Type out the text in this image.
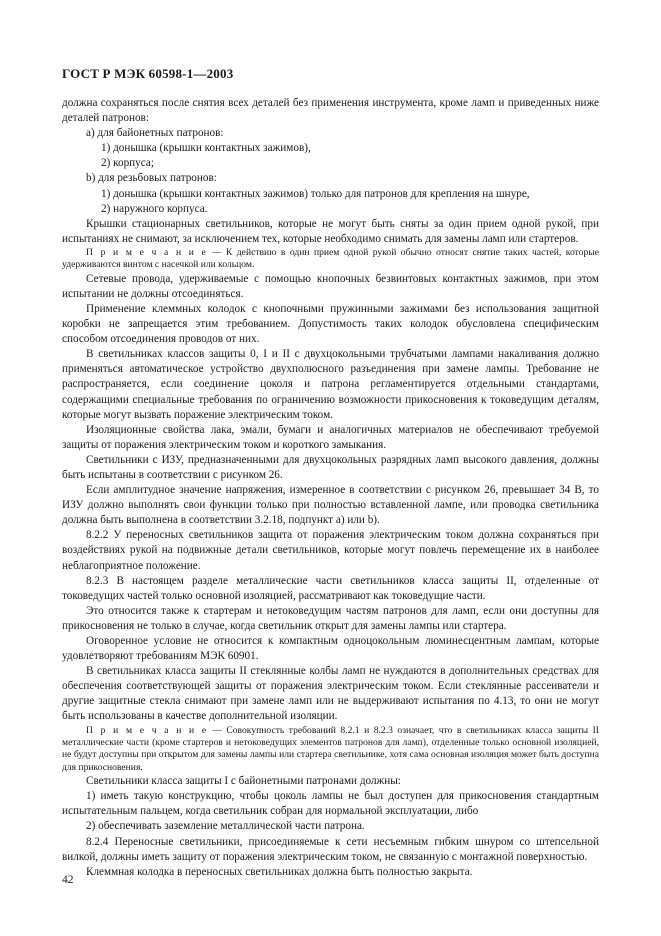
ГОСТ Р МЭК 60598-1—2003

должна сохраняться после снятия всех деталей без применения инструмента, кроме ламп и приведенных ниже деталей патронов:

а) для байонетных патронов:

1) донышка (крышки контактных зажимов),

2) корпуса;

b) для резьбовых патронов:

1) донышка (крышки контактных зажимов) только для патронов для крепления на шнуре,

2) наружного корпуса.

Крышки стационарных светильников, которые не могут быть сняты за один прием одной рукой, при испытаниях не снимают, за исключением тех, которые необходимо снимать для замены ламп или стартеров.

П р и м е ч а н и е — К действию в один прием одной рукой обычно относят снятие таких частей, которые удерживаются винтом с насечкой или кольцом.

Сетевые провода, удерживаемые с помощью кнопочных безвинтовых контактных зажимов, при этом испытании не должны отсоединяться.

Применение клеммных колодок с кнопочными пружинными зажимами без использования защитной коробки не запрещается этим требованием. Допустимость таких колодок обусловлена специфическим способом отсоединения проводов от них.

В светильниках классов защиты 0, I и II с двухцокольными трубчатыми лампами накаливания должно применяться автоматическое устройство двухполюсного разъединения при замене лампы. Требование не распространяется, если соединение цоколя и патрона регламентируется отдельными стандартами, содержащими специальные требования по ограничению возможности прикосновения к токоведущим деталям, которые могут вызвать поражение электрическим током.

Изоляционные свойства лака, эмали, бумаги и аналогичных материалов не обеспечивают требуемой защиты от поражения электрическим током и короткого замыкания.

Светильники с ИЗУ, предназначенными для двухцокольных разрядных ламп высокого давления, должны быть испытаны в соответствии с рисунком 26.

Если амплитудное значение напряжения, измеренное в соответствии с рисунком 26, превышает 34 В, то ИЗУ должно выполнять свои функции только при полностью вставленной лампе, или проводка светильника должна быть выполнена в соответствии 3.2.18, подпункт а) или b).

8.2.2 У переносных светильников защита от поражения электрическим током должна сохраняться при воздействиях рукой на подвижные детали светильников, которые могут повлечь перемещение их в наиболее неблагоприятное положение.

8.2.3 В настоящем разделе металлические части светильников класса защиты II, отделенные от токоведущих частей только основной изоляцией, рассматривают как токоведущие части.

Это относится также к стартерам и нетоковедущим частям патронов для ламп, если они доступны для прикосновения не только в случае, когда светильник открыт для замены лампы или стартера.

Оговоренное условие не относится к компактным одноцокольным люминесцентным лампам, которые удовлетворяют требованиям МЭК 60901.

В светильниках класса защиты II стеклянные колбы ламп не нуждаются в дополнительных средствах для обеспечения соответствующей защиты от поражения электрическим током. Если стеклянные рассеиватели и другие защитные стекла снимают при замене ламп или не выдерживают испытания по 4.13, то они не могут быть использованы в качестве дополнительной изоляции.

П р и м е ч а н и е — Совокупность требований 8.2.1 и 8.2.3 означает, что в светильниках класса защиты II металлические части (кроме стартеров и нетоковедущих элементов патронов для ламп), отделенные только основной изоляцией, не будут доступны при открытом для замены лампы или стартера светильнике, хотя сама основная изоляция может быть доступна для прикосновения.

Светильники класса защиты I с байонетными патронами должны:

1) иметь такую конструкцию, чтобы цоколь лампы не был доступен для прикосновения стандартным испытательным пальцем, когда светильник собран для нормальной эксплуатации, либо

2) обеспечивать заземление металлической части патрона.

8.2.4 Переносные светильники, присоединяемые к сети несъемным гибким шнуром со штепсельной вилкой, должны иметь защиту от поражения электрическим током, не связанную с монтажной поверхностью.

Клеммная колодка в переносных светильниках должна быть полностью закрыта.

42
